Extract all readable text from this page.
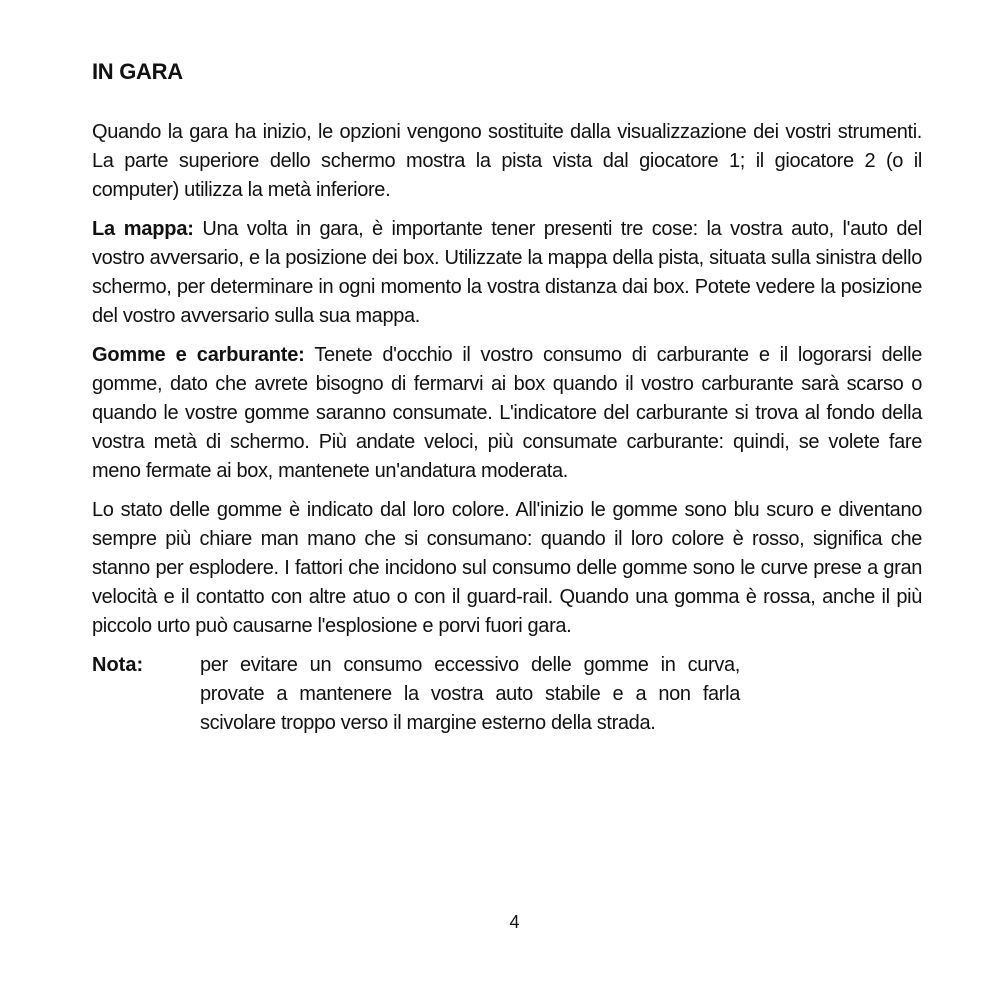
IN GARA

Quando la gara ha inizio, le opzioni vengono sostituite dalla visualizzazione dei vostri strumenti. La parte superiore dello schermo mostra la pista vista dal giocatore 1; il giocatore 2 (o il computer) utilizza la metà inferiore.

La mappa: Una volta in gara, è importante tener presenti tre cose: la vostra auto, l'auto del vostro avversario, e la posizione dei box. Utilizzate la mappa della pista, situata sulla sinistra dello schermo, per determinare in ogni momento la vostra distanza dai box. Potete vedere la posizione del vostro avversario sulla sua mappa.

Gomme e carburante: Tenete d'occhio il vostro consumo di carburante e il logorarsi delle gomme, dato che avrete bisogno di fermarvi ai box quando il vostro carburante sarà scarso o quando le vostre gomme saranno consumate. L'indicatore del carburante si trova al fondo della vostra metà di schermo. Più andate veloci, più consumate carburante: quindi, se volete fare meno fermate ai box, mantenete un'andatura moderata.

Lo stato delle gomme è indicato dal loro colore. All'inizio le gomme sono blu scuro e diventano sempre più chiare man mano che si consumano: quando il loro colore è rosso, significa che stanno per esplodere. I fattori che incidono sul consumo delle gomme sono le curve prese a gran velocità e il contatto con altre atuo o con il guard-rail. Quando una gomma è rossa, anche il più piccolo urto può causarne l'esplosione e porvi fuori gara.

Nota:	per evitare un consumo eccessivo delle gomme in curva, provate a mantenere la vostra auto stabile e a non farla scivolare troppo verso il margine esterno della strada.
4
